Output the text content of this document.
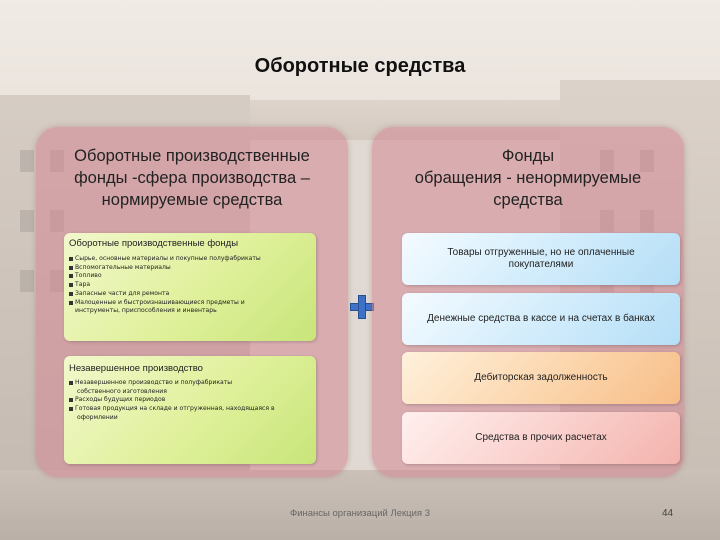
Оборотные средства
Оборотные производственные
фонды -сфера производства –
нормируемые средства
Оборотные производственные фонды
Сырье, основные материалы и покупные полуфабрикаты
Вспомогательные материалы
Топливо
Тара
Запасные части для ремонта
Малоценные и быстроизнашивающиеся предметы и
инструменты, приспособления и инвентарь
Незавершенное производство
Незавершенное производство и полуфабрикаты
собственного изготовления
Расходы будущих периодов
Готовая продукция на складе и отгруженная, находящаяся в
оформлении
Фонды
обращения - ненормируемые
средства
Товары отгруженные, но не оплаченные покупателями
Денежные средства в кассе и на счетах в банках
Дебиторская задолженность
Средства в прочих расчетах
Финансы организаций Лекция 3	44
